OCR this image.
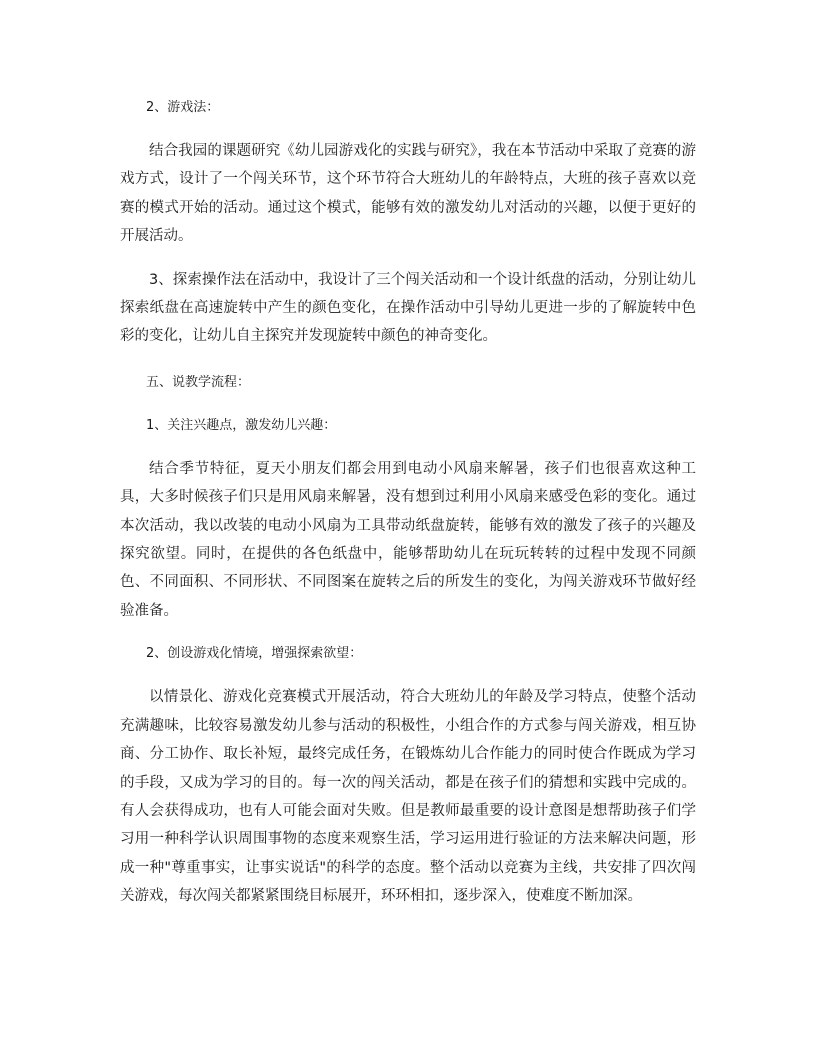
2、游戏法：

结合我园的课题研究《幼儿园游戏化的实践与研究》，我在本节活动中采取了竞赛的游戏方式，设计了一个闯关环节，这个环节符合大班幼儿的年龄特点，大班的孩子喜欢以竞赛的模式开始的活动。通过这个模式，能够有效的激发幼儿对活动的兴趣，以便于更好的开展活动。

3、探索操作法在活动中，我设计了三个闯关活动和一个设计纸盘的活动，分别让幼儿探索纸盘在高速旋转中产生的颜色变化，在操作活动中引导幼儿更进一步的了解旋转中色彩的变化，让幼儿自主探究并发现旋转中颜色的神奇变化。

五、说教学流程：

1、关注兴趣点，激发幼儿兴趣：

结合季节特征，夏天小朋友们都会用到电动小风扇来解暑，孩子们也很喜欢这种工具，大多时候孩子们只是用风扇来解暑，没有想到过利用小风扇来感受色彩的变化。通过本次活动，我以改装的电动小风扇为工具带动纸盘旋转，能够有效的激发了孩子的兴趣及探究欲望。同时，在提供的各色纸盘中，能够帮助幼儿在玩玩转转的过程中发现不同颜色、不同面积、不同形状、不同图案在旋转之后的所发生的变化，为闯关游戏环节做好经验准备。

2、创设游戏化情境，增强探索欲望：

以情景化、游戏化竞赛模式开展活动，符合大班幼儿的年龄及学习特点，使整个活动充满趣味，比较容易激发幼儿参与活动的积极性，小组合作的方式参与闯关游戏，相互协商、分工协作、取长补短，最终完成任务，在锻炼幼儿合作能力的同时使合作既成为学习的手段，又成为学习的目的。每一次的闯关活动，都是在孩子们的猜想和实践中完成的。有人会获得成功，也有人可能会面对失败。但是教师最重要的设计意图是想帮助孩子们学习用一种科学认识周围事物的态度来观察生活，学习运用进行验证的方法来解决问题，形成一种"尊重事实，让事实说话"的科学的态度。整个活动以竞赛为主线，共安排了四次闯关游戏，每次闯关都紧紧围绕目标展开，环环相扣，逐步深入，使难度不断加深。
